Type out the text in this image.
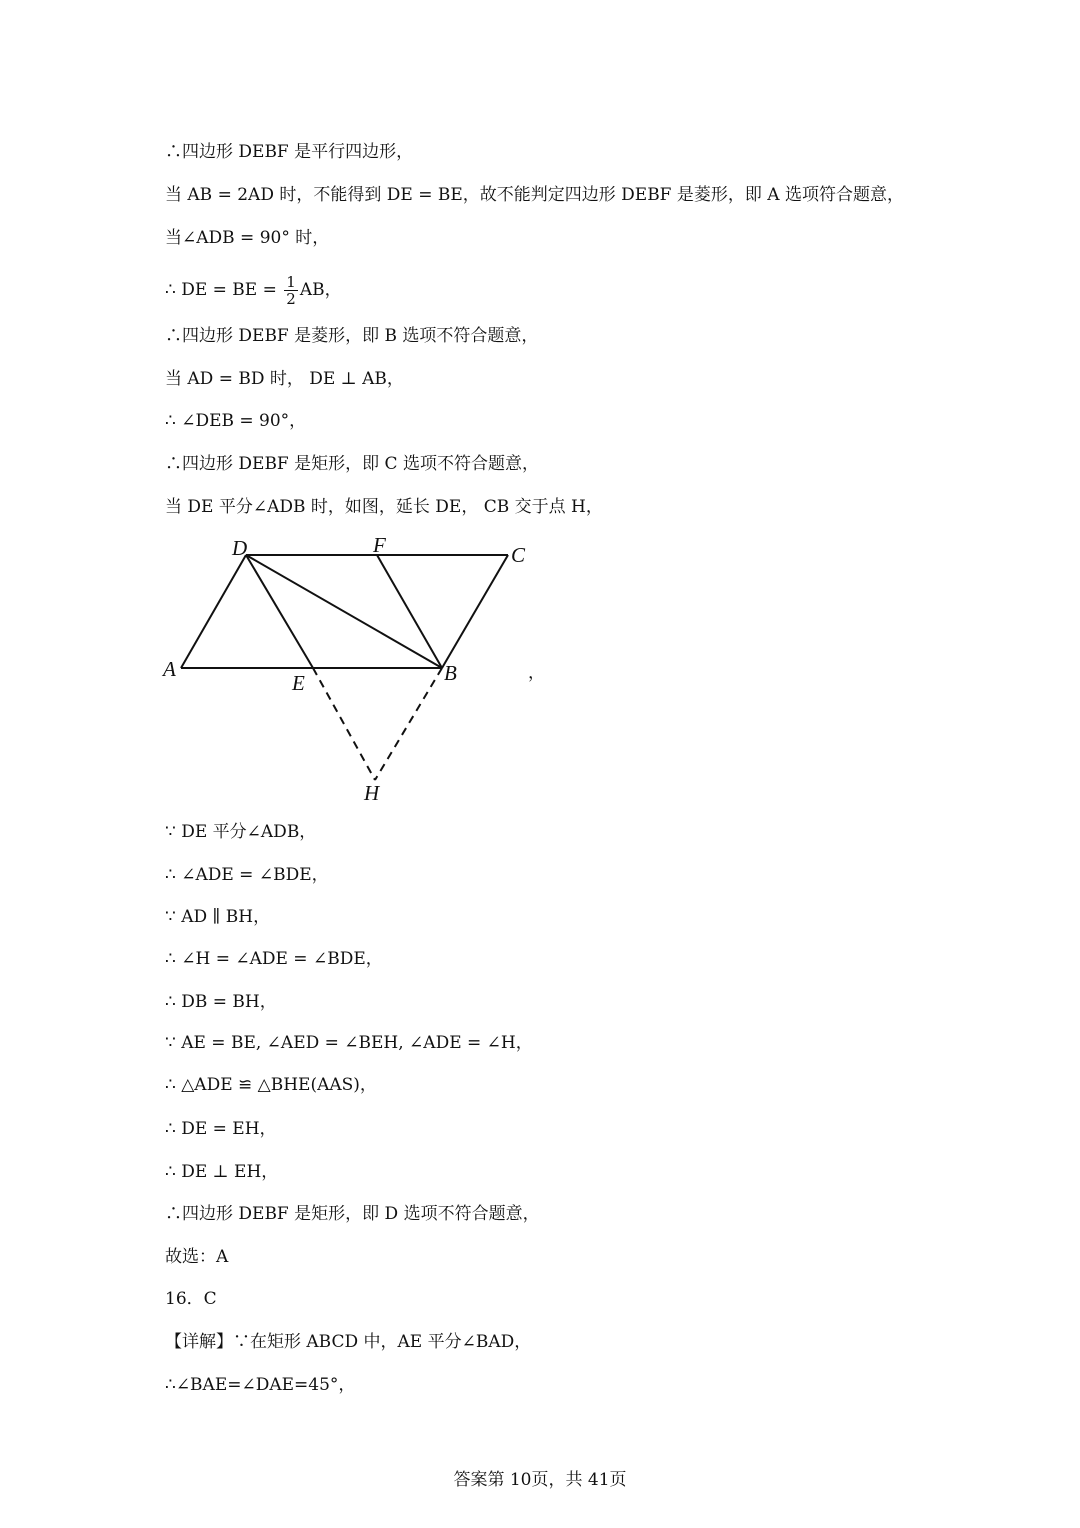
∴四边形 DEBF 是平行四边形，
当 AB = 2AD 时，不能得到 DE = BE，故不能判定四边形 DEBF 是菱形，即 A 选项符合题意，
当∠ADB = 90° 时，
∴ DE = BE = $\frac{1}{2}$ AB，
∴四边形 DEBF 是菱形，即 B 选项不符合题意，
当 AD = BD 时， DE ⊥ AB，
∴ ∠DEB = 90°，
∴四边形 DEBF 是矩形，即 C 选项不符合题意，
当 DE 平分∠ADB 时，如图，延长 DE， CB 交于点 H，
D	F	C
A
E	B
H
，
∵ DE 平分∠ADB，
∴ ∠ADE = ∠BDE，
∵ AD ∥ BH，
∴ ∠H = ∠ADE = ∠BDE，
∴ DB = BH，
∵ AE = BE, ∠AED = ∠BEH, ∠ADE = ∠H，
∴ △ADE ≌ △BHE(AAS)，
∴ DE = EH，
∴ DE ⊥ EH，
∴四边形 DEBF 是矩形，即 D 选项不符合题意，
故选：A
16．C
【详解】∵在矩形 ABCD 中，AE 平分∠BAD，
∴∠BAE=∠DAE=45°，
答案第 10页，共 41页
